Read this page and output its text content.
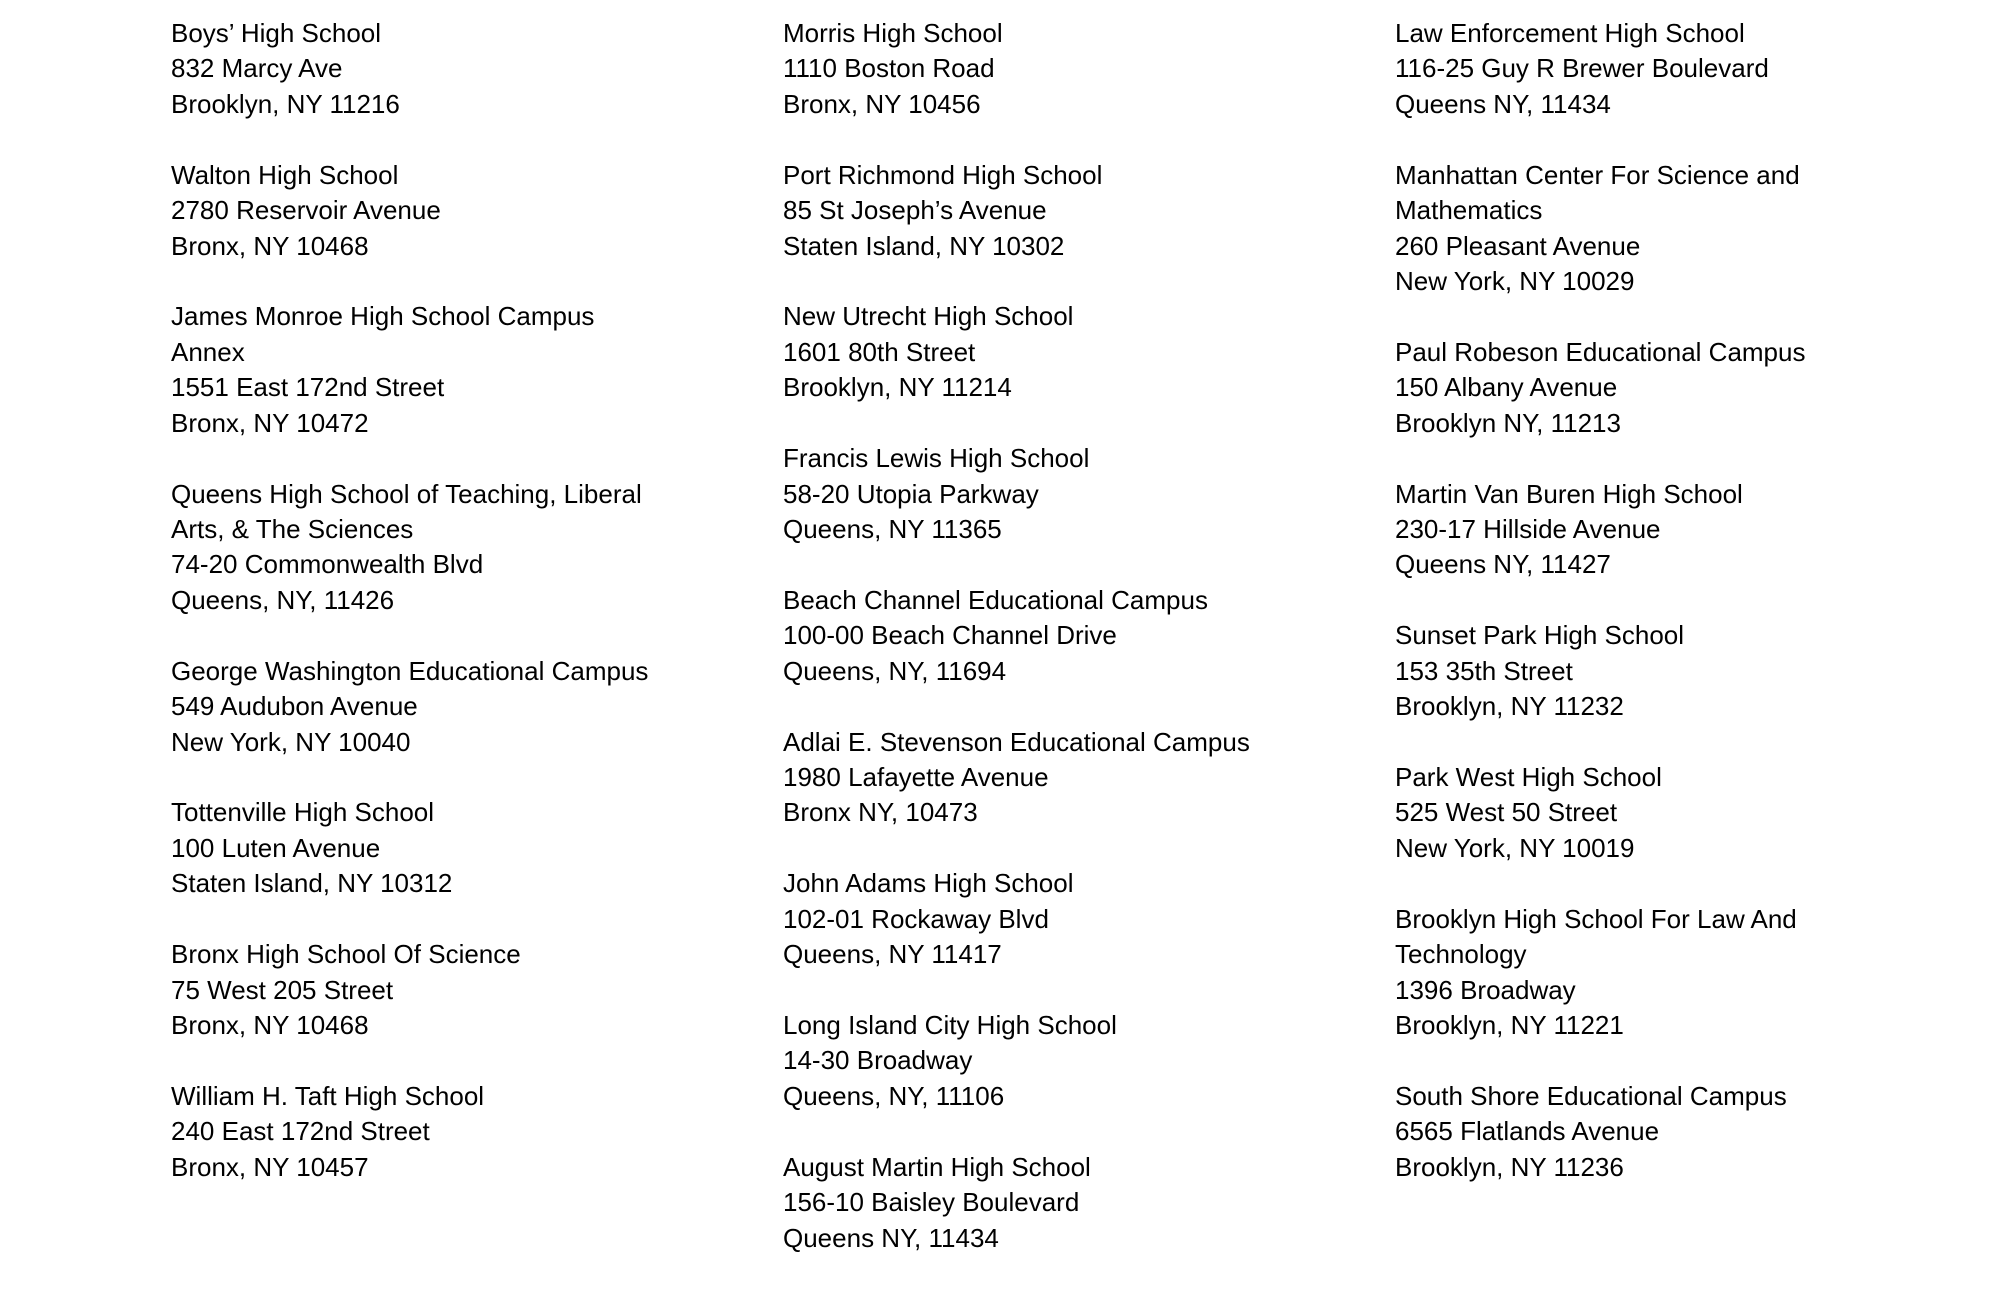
Boys’ High School
832 Marcy Ave
Brooklyn, NY 11216
Walton High School
2780 Reservoir Avenue
Bronx, NY 10468
James Monroe High School Campus
Annex
1551 East 172nd Street
Bronx, NY 10472
Queens High School of Teaching, Liberal
Arts, & The Sciences
74-20 Commonwealth Blvd
Queens, NY, 11426
George Washington Educational Campus
549 Audubon Avenue
New York, NY 10040
Tottenville High School
100 Luten Avenue
Staten Island, NY 10312
Bronx High School Of Science
75 West 205 Street
Bronx, NY 10468
William H. Taft High School
240 East 172nd Street
Bronx, NY 10457
Morris High School
1110 Boston Road
Bronx, NY 10456
Port Richmond High School
85 St Joseph’s Avenue
Staten Island, NY 10302
New Utrecht High School
1601 80th Street
Brooklyn, NY 11214
Francis Lewis High School
58‑20 Utopia Parkway
Queens, NY 11365
Beach Channel Educational Campus
100-00 Beach Channel Drive
Queens, NY, 11694
Adlai E. Stevenson Educational Campus
1980 Lafayette Avenue
Bronx NY, 10473
John Adams High School
102-01 Rockaway Blvd
Queens, NY 11417
Long Island City High School
14-30 Broadway
Queens, NY, 11106
August Martin High School
156-10 Baisley Boulevard
Queens NY, 11434
Law Enforcement High School
116-25 Guy R Brewer Boulevard
Queens NY, 11434
Manhattan Center For Science and
Mathematics
260 Pleasant Avenue
New York, NY 10029
Paul Robeson Educational Campus
150 Albany Avenue
Brooklyn NY, 11213
Martin Van Buren High School
230-17 Hillside Avenue
Queens NY, 11427
Sunset Park High School
153 35th Street
Brooklyn, NY 11232
Park West High School
525 West 50 Street
New York, NY 10019
Brooklyn High School For Law And
Technology
1396 Broadway
Brooklyn, NY 11221
South Shore Educational Campus
6565 Flatlands Avenue
Brooklyn, NY 11236
